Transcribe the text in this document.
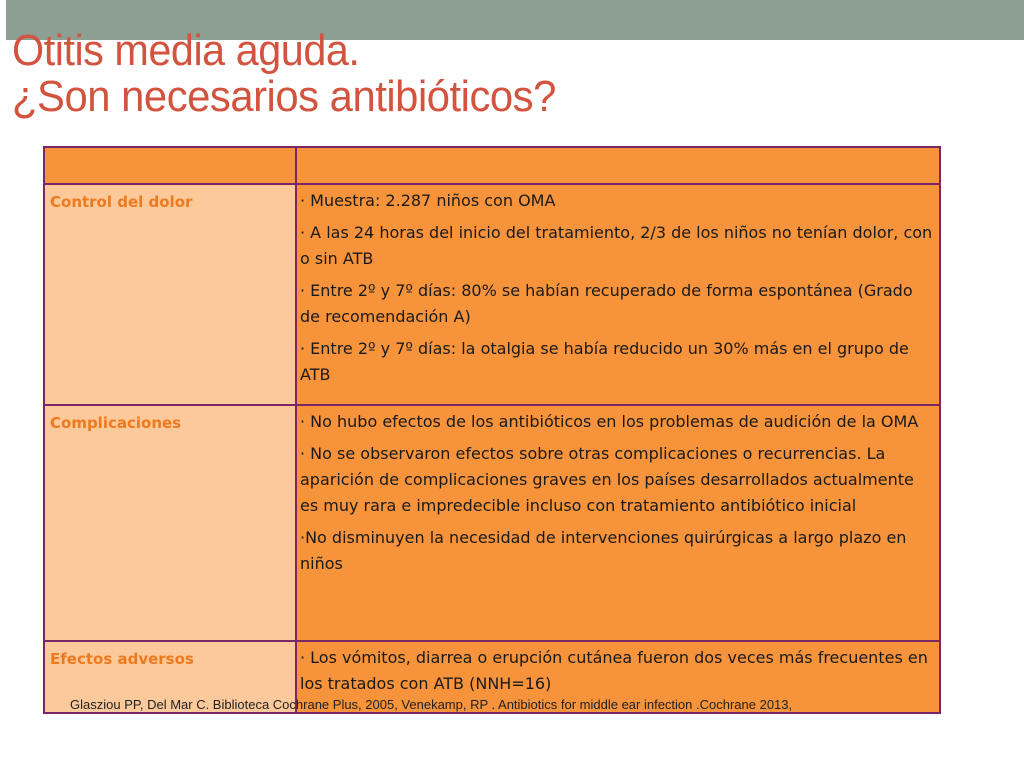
Otitis media aguda.
¿Son necesarios antibióticos?

Control del dolor	· Muestra: 2.287 niños con OMA

· A las 24 horas del inicio del tratamiento, 2/3 de los niños no tenían dolor, con o sin ATB

· Entre 2º y 7º días: 80% se habían recuperado de forma espontánea (Grado de recomendación A)

· Entre 2º y 7º días: la otalgia se había reducido un 30% más en el grupo de ATB

Complicaciones	· No hubo efectos de los antibióticos en los problemas de audición de la OMA

· No se observaron efectos sobre otras complicaciones o recurrencias. La aparición de complicaciones graves en los países desarrollados actualmente es muy rara e impredecible incluso con tratamiento antibiótico inicial

·No disminuyen la necesidad de intervenciones quirúrgicas a largo plazo en niños

Efectos adversos	· Los vómitos, diarrea o erupción cutánea fueron dos veces más frecuentes en los tratados con ATB (NNH=16)

Glasziou PP, Del Mar C. Biblioteca Cochrane Plus, 2005, Venekamp, RP . Antibiotics for middle ear infection .Cochrane 2013,
